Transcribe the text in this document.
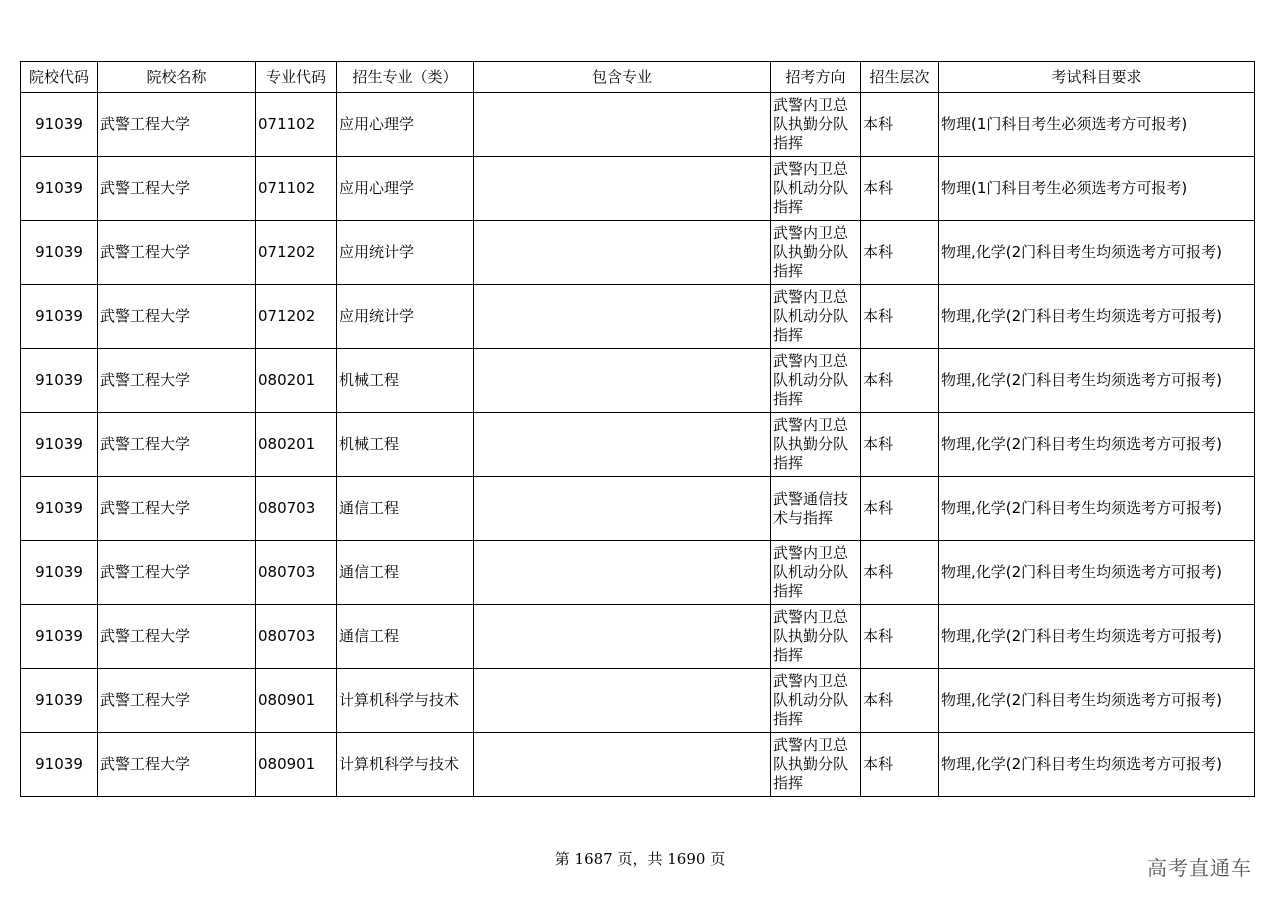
院校代码	院校名称	专业代码	招生专业（类）	包含专业	招考方向	招生层次	考试科目要求
91039	武警工程大学	071102	应用心理学		武警内卫总队执勤分队指挥	本科	物理(1门科目考生必须选考方可报考)
91039	武警工程大学	071102	应用心理学		武警内卫总队机动分队指挥	本科	物理(1门科目考生必须选考方可报考)
91039	武警工程大学	071202	应用统计学		武警内卫总队执勤分队指挥	本科	物理,化学(2门科目考生均须选考方可报考)
91039	武警工程大学	071202	应用统计学		武警内卫总队机动分队指挥	本科	物理,化学(2门科目考生均须选考方可报考)
91039	武警工程大学	080201	机械工程		武警内卫总队机动分队指挥	本科	物理,化学(2门科目考生均须选考方可报考)
91039	武警工程大学	080201	机械工程		武警内卫总队执勤分队指挥	本科	物理,化学(2门科目考生均须选考方可报考)
91039	武警工程大学	080703	通信工程		武警通信技术与指挥	本科	物理,化学(2门科目考生均须选考方可报考)
91039	武警工程大学	080703	通信工程		武警内卫总队机动分队指挥	本科	物理,化学(2门科目考生均须选考方可报考)
91039	武警工程大学	080703	通信工程		武警内卫总队执勤分队指挥	本科	物理,化学(2门科目考生均须选考方可报考)
91039	武警工程大学	080901	计算机科学与技术		武警内卫总队机动分队指挥	本科	物理,化学(2门科目考生均须选考方可报考)
91039	武警工程大学	080901	计算机科学与技术		武警内卫总队执勤分队指挥	本科	物理,化学(2门科目考生均须选考方可报考)
第 1687 页，共 1690 页	高考直通车
